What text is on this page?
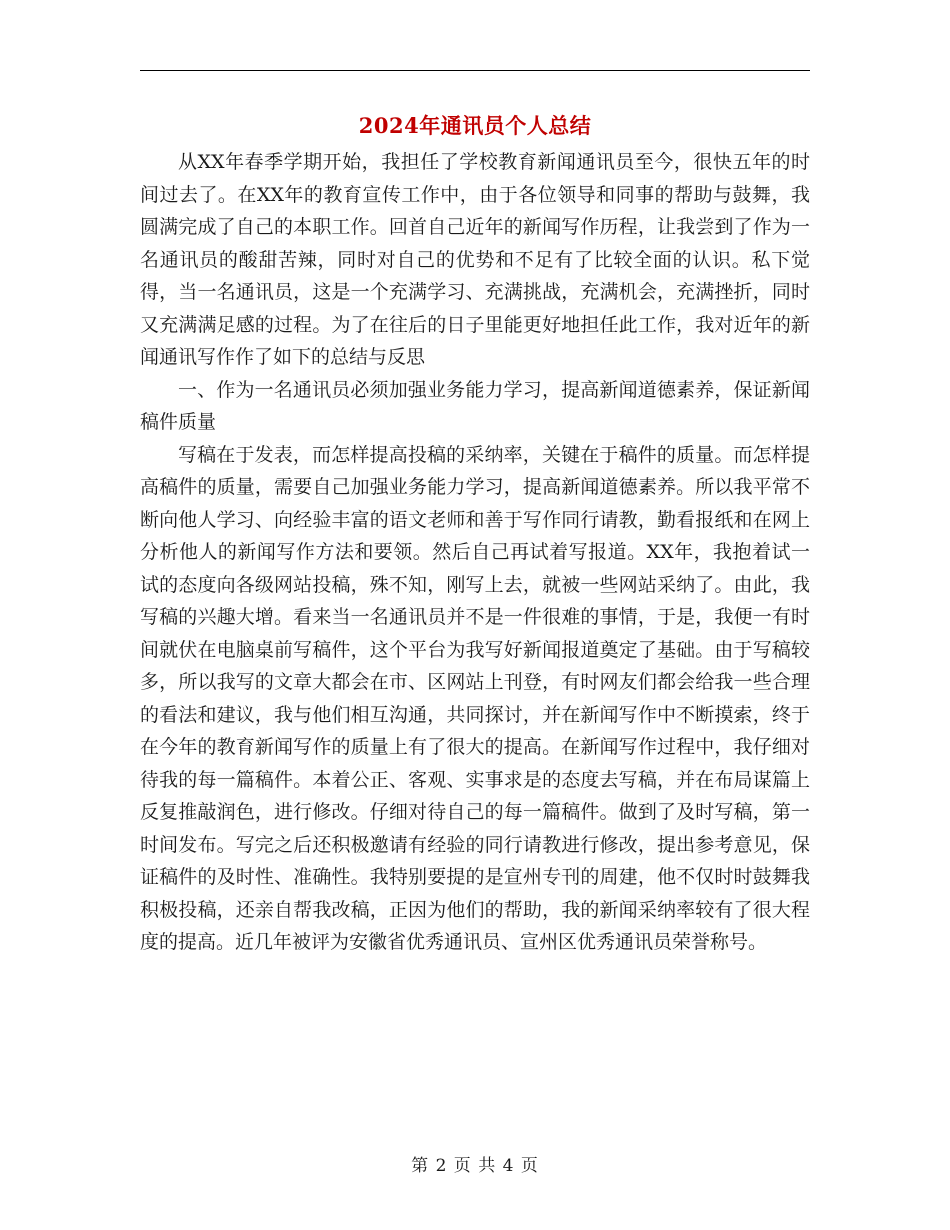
2024年通讯员个人总结

从XX年春季学期开始，我担任了学校教育新闻通讯员至今，很快五年的时间过去了。在XX年的教育宣传工作中，由于各位领导和同事的帮助与鼓舞，我圆满完成了自己的本职工作。回首自己近年的新闻写作历程，让我尝到了作为一名通讯员的酸甜苦辣，同时对自己的优势和不足有了比较全面的认识。私下觉得，当一名通讯员，这是一个充满学习、充满挑战，充满机会，充满挫折，同时又充满满足感的过程。为了在往后的日子里能更好地担任此工作，我对近年的新闻通讯写作作了如下的总结与反思

一、作为一名通讯员必须加强业务能力学习，提高新闻道德素养，保证新闻稿件质量

写稿在于发表，而怎样提高投稿的采纳率，关键在于稿件的质量。而怎样提高稿件的质量，需要自己加强业务能力学习，提高新闻道德素养。所以我平常不断向他人学习、向经验丰富的语文老师和善于写作同行请教，勤看报纸和在网上分析他人的新闻写作方法和要领。然后自己再试着写报道。XX年，我抱着试一试的态度向各级网站投稿，殊不知，刚写上去，就被一些网站采纳了。由此，我写稿的兴趣大增。看来当一名通讯员并不是一件很难的事情，于是，我便一有时间就伏在电脑桌前写稿件，这个平台为我写好新闻报道奠定了基础。由于写稿较多，所以我写的文章大都会在市、区网站上刊登，有时网友们都会给我一些合理的看法和建议，我与他们相互沟通，共同探讨，并在新闻写作中不断摸索，终于在今年的教育新闻写作的质量上有了很大的提高。在新闻写作过程中，我仔细对待我的每一篇稿件。本着公正、客观、实事求是的态度去写稿，并在布局谋篇上反复推敲润色，进行修改。仔细对待自己的每一篇稿件。做到了及时写稿，第一时间发布。写完之后还积极邀请有经验的同行请教进行修改，提出参考意见，保证稿件的及时性、准确性。我特别要提的是宣州专刊的周建，他不仅时时鼓舞我积极投稿，还亲自帮我改稿，正因为他们的帮助，我的新闻采纳率较有了很大程度的提高。近几年被评为安徽省优秀通讯员、宣州区优秀通讯员荣誉称号。

第 2 页 共 4 页
